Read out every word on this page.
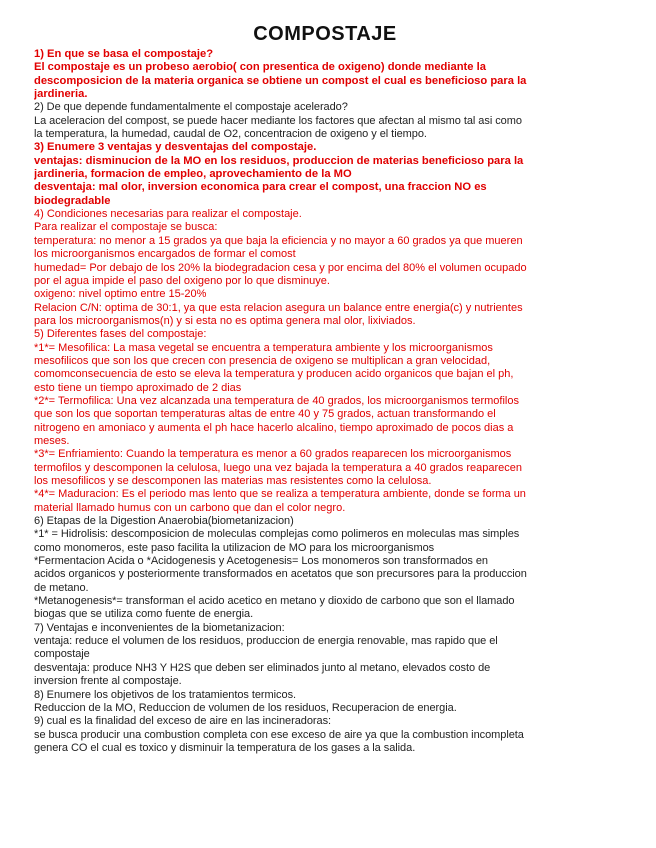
COMPOSTAJE
1) En que se basa el compostaje?
El compostaje es un probeso aerobio( con presentica de oxigeno) donde mediante la
descomposicion de la materia organica se obtiene un compost el cual es beneficioso para la
jardineria.
2) De que depende fundamentalmente el compostaje acelerado?
La aceleracion del compost, se puede hacer mediante los factores que afectan al mismo tal asi como
la temperatura, la humedad, caudal de O2, concentracion de oxigeno y el tiempo.
3) Enumere 3 ventajas y desventajas del compostaje.
ventajas: disminucion de la MO en los residuos, produccion de materias beneficioso para la
jardineria, formacion de empleo, aprovechamiento de la MO
desventaja: mal olor, inversion economica para crear el compost, una fraccion NO es
biodegradable
4) Condiciones necesarias para realizar el compostaje.
Para realizar el compostaje se busca:
temperatura: no menor a 15 grados ya que baja la eficiencia y no mayor a 60 grados ya que mueren
los microorganismos encargados de formar el comost
humedad= Por debajo de los 20% la biodegradacion cesa y por encima del 80% el volumen ocupado
por el agua impide el paso del oxigeno por lo que disminuye.
oxigeno: nivel optimo entre 15-20%
Relacion C/N: optima de 30:1, ya que esta relacion asegura un balance entre energia(c) y nutrientes
para los microorganismos(n) y si esta no es optima genera mal olor, lixiviados.
5) Diferentes fases del compostaje:
*1*= Mesofilica: La masa vegetal se encuentra a temperatura ambiente y los microorganismos
mesofilicos que son los que crecen con presencia de oxigeno se multiplican a gran velocidad,
comomconsecuencia de esto se eleva la temperatura y producen acido organicos que bajan el ph,
esto tiene un tiempo aproximado de 2 dias
*2*= Termofilica: Una vez alcanzada una temperatura de 40 grados, los microorganismos termofilos
que son los que soportan temperaturas altas de entre 40 y 75 grados, actuan transformando el
nitrogeno en amoniaco y aumenta el ph hace hacerlo alcalino, tiempo aproximado de pocos dias a
meses.
*3*= Enfriamiento: Cuando la temperatura es menor a 60 grados reaparecen los microorganismos
termofilos y descomponen la celulosa, luego una vez bajada la temperatura a 40 grados reaparecen
los mesofilicos y se descomponen las materias mas resistentes como la celulosa.
*4*= Maduracion: Es el periodo mas lento que se realiza a temperatura ambiente, donde se forma un
material llamado humus con un carbono que dan el color negro.
6) Etapas de la Digestion Anaerobia(biometanizacion)
*1* = Hidrolisis: descomposicion de moleculas complejas como polimeros en moleculas mas simples
como monomeros, este paso facilita la utilizacion de MO para los microorganismos
*Fermentacion Acida o *Acidogenesis y Acetogenesis= Los monomeros son transformados en
acidos organicos y posteriormente transformados en acetatos que son precursores para la produccion
de metano.
*Metanogenesis*= transforman el acido acetico en metano y dioxido de carbono que son el llamado
biogas que se utiliza como fuente de energia.
7) Ventajas e inconvenientes de la biometanizacion:
ventaja: reduce el volumen de los residuos, produccion de energia renovable, mas rapido que el
compostaje
desventaja: produce NH3 Y H2S que deben ser eliminados junto al metano, elevados costo de
inversion frente al compostaje.
8) Enumere los objetivos de los tratamientos termicos.
Reduccion de la MO, Reduccion de volumen de los residuos, Recuperacion de energia.
9) cual es la finalidad del exceso de aire en las incineradoras:
se busca producir una combustion completa con ese exceso de aire ya que la combustion incompleta
genera CO el cual es toxico y disminuir la temperatura de los gases a la salida.
